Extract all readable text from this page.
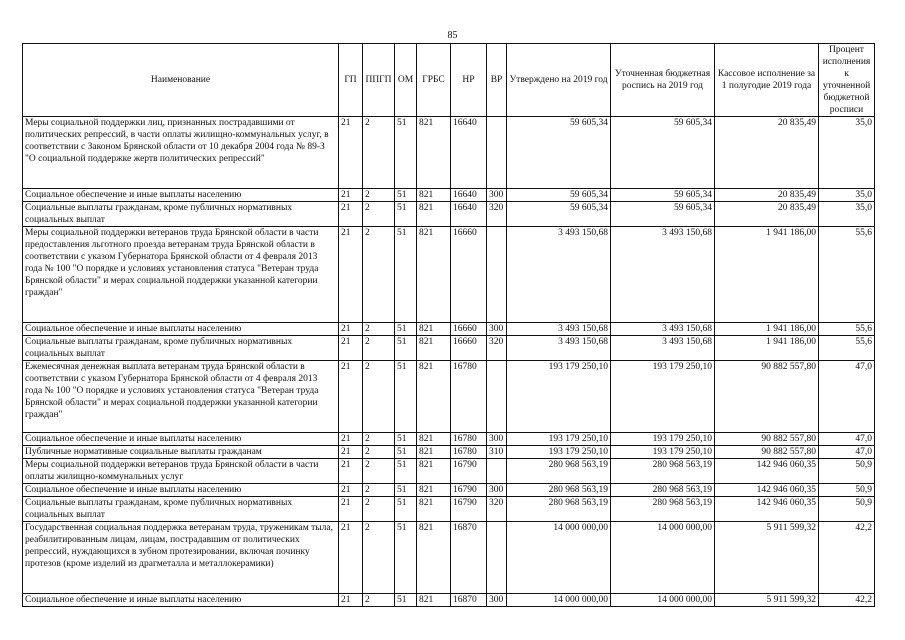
85
Наименование	ГП	ППГП	ОМ	ГРБС	НР	ВР	Утверждено на 2019 год	Уточненная бюджетная роспись на 2019 год	Кассовое исполнение за 1 полугодие 2019 года	Процент исполнения к уточненной бюджетной росписи
Меры социальной поддержки лиц, признанных пострадавшими от политических репрессий, в части оплаты жилищно-коммунальных услуг, в соответствии с Законом Брянской области от 10 декабря 2004 года № 89-З "О социальной поддержке жертв политических репрессий"	21	2	51	821	16640		59 605,34	59 605,34	20 835,49	35,0
Социальное обеспечение и иные выплаты населению	21	2	51	821	16640	300	59 605,34	59 605,34	20 835,49	35,0
Социальные выплаты гражданам, кроме публичных нормативных социальных выплат	21	2	51	821	16640	320	59 605,34	59 605,34	20 835,49	35,0
Меры социальной поддержки ветеранов труда Брянской области в части предоставления льготного проезда ветеранам труда Брянской области в соответствии с указом Губернатора Брянской области от 4 февраля 2013 года № 100 "О порядке и условиях установления статуса "Ветеран труда Брянской области" и мерах социальной поддержки указанной категории граждан"	21	2	51	821	16660		3 493 150,68	3 493 150,68	1 941 186,00	55,6
Социальное обеспечение и иные выплаты населению	21	2	51	821	16660	300	3 493 150,68	3 493 150,68	1 941 186,00	55,6
Социальные выплаты гражданам, кроме публичных нормативных социальных выплат	21	2	51	821	16660	320	3 493 150,68	3 493 150,68	1 941 186,00	55,6
Ежемесячная денежная выплата ветеранам труда Брянской области в соответствии с указом Губернатора Брянской области от 4 февраля 2013 года № 100 "О порядке и условиях установления статуса "Ветеран труда Брянской области" и мерах социальной поддержки указанной категории граждан"	21	2	51	821	16780		193 179 250,10	193 179 250,10	90 882 557,80	47,0
Социальное обеспечение и иные выплаты населению	21	2	51	821	16780	300	193 179 250,10	193 179 250,10	90 882 557,80	47,0
Публичные нормативные социальные выплаты гражданам	21	2	51	821	16780	310	193 179 250,10	193 179 250,10	90 882 557,80	47,0
Меры социальной поддержки ветеранов труда Брянской области в части оплаты жилищно-коммунальных услуг	21	2	51	821	16790		280 968 563,19	280 968 563,19	142 946 060,35	50,9
Социальное обеспечение и иные выплаты населению	21	2	51	821	16790	300	280 968 563,19	280 968 563,19	142 946 060,35	50,9
Социальные выплаты гражданам, кроме публичных нормативных социальных выплат	21	2	51	821	16790	320	280 968 563,19	280 968 563,19	142 946 060,35	50,9
Государственная социальная поддержка ветеранам труда, труженикам тыла, реабилитированным лицам, лицам, пострадавшим от политических репрессий, нуждающихся в зубном протезировании, включая починку протезов (кроме изделий из драгметалла и металлокерамики)	21	2	51	821	16870		14 000 000,00	14 000 000,00	5 911 599,32	42,2
Социальное обеспечение и иные выплаты населению	21	2	51	821	16870	300	14 000 000,00	14 000 000,00	5 911 599,32	42,2
